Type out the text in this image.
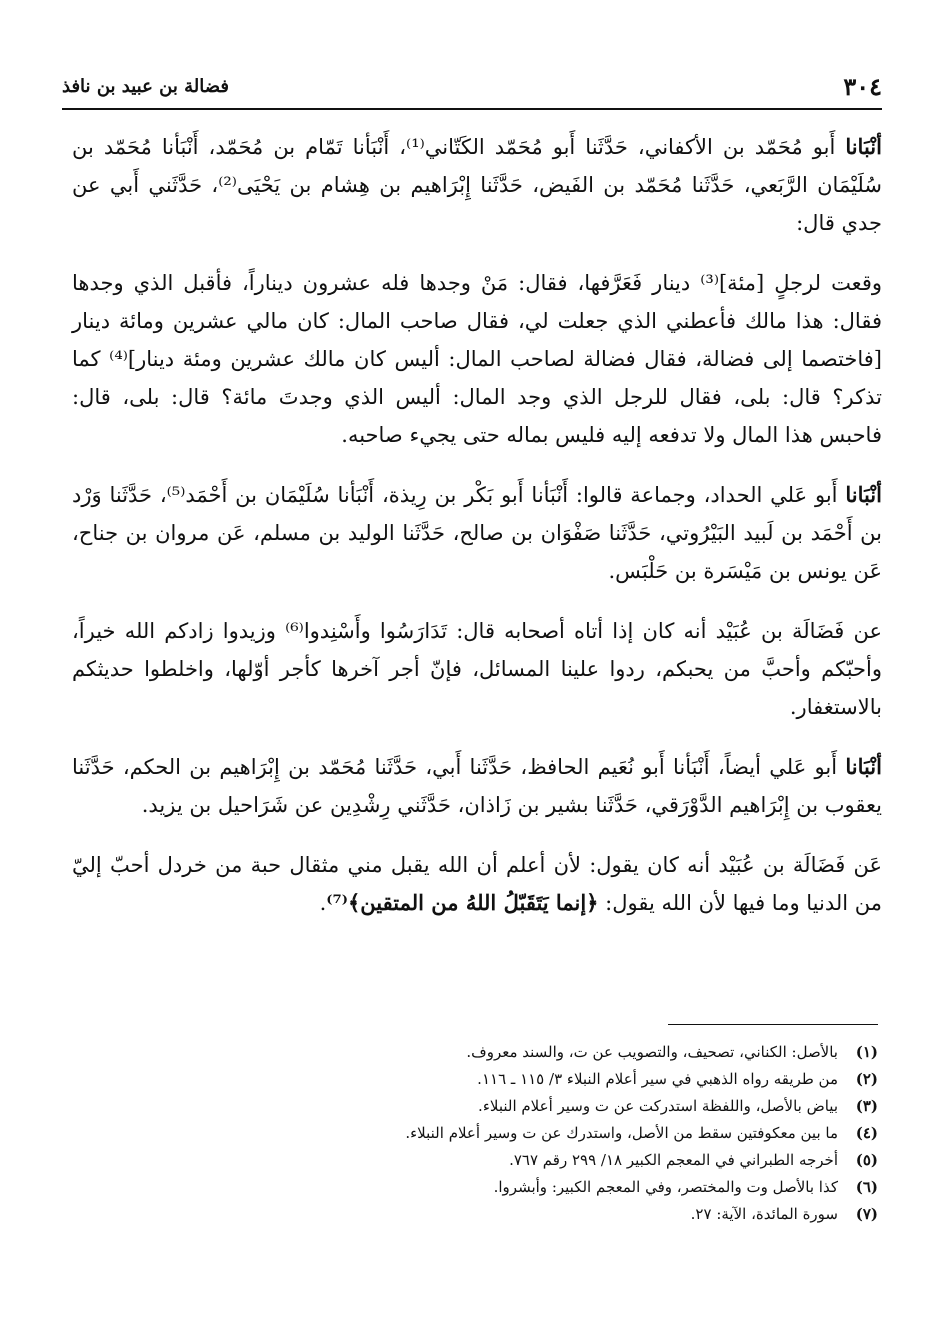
٣٠٤
فضالة بن عبيد بن نافذ

أنْبَانا أَبو مُحَمّد بن الأكفاني، حَدَّثَنا أَبو مُحَمّد الكَتّاني⁽¹⁾، أَنْبَأنا تَمّام بن مُحَمّد، أَنْبَأنا مُحَمّد بن سُلَيْمَان الرَّبَعي، حَدَّثَنا مُحَمّد بن الفَيض، حَدَّثَنا إِبْرَاهيم بن هِشام بن يَحْيَى⁽²⁾، حَدَّثَني أَبي عن جدي قال:

وقعت لرجلٍ [مئة]⁽³⁾ دينار فَعَرَّفها، فقال: مَنْ وجدها فله عشرون ديناراً، فأقبل الذي وجدها فقال: هذا مالك فأعطني الذي جعلت لي، فقال صاحب المال: كان مالي عشرين ومائة دينار [فاختصما إلى فضالة، فقال فضالة لصاحب المال: أليس كان مالك عشرين ومئة دينار]⁽⁴⁾ كما تذكر؟ قال: بلى، فقال للرجل الذي وجد المال: أليس الذي وجدتَ مائة؟ قال: بلى، قال: فاحبس هذا المال ولا تدفعه إليه فليس بماله حتى يجيء صاحبه.

أنْبَانا أَبو عَلي الحداد، وجماعة قالوا: أَنْبَأنا أَبو بَكْر بن رِيذة، أَنْبَأنا سُلَيْمَان بن أَحْمَد⁽⁵⁾، حَدَّثَنا وَرْد بن أَحْمَد بن لَبيد البَيْرُوتي، حَدَّثَنا صَفْوَان بن صالح، حَدَّثَنا الوليد بن مسلم، عَن مروان بن جناح، عَن يونس بن مَيْسَرة بن حَلْبَس.

عن فَضَالَة بن عُبَيْد أنه كان إذا أتاه أصحابه قال: تَدَارَسُوا وأَسْنِدوا⁽⁶⁾ وزيدوا زادكم الله خيراً، وأحبّكم وأحبَّ من يحبكم، ردوا علينا المسائل، فإنّ أجر آخرها كأجر أوّلها، واخلطوا حديثكم بالاستغفار.

أنْبَانا أَبو عَلي أيضاً، أَنْبَأنا أَبو نُعَيم الحافظ، حَدَّثَنا أَبي، حَدَّثَنا مُحَمّد بن إِبْرَاهيم بن الحكم، حَدَّثَنا يعقوب بن إِبْرَاهيم الدَّوْرَقي، حَدَّثَنا بشير بن زَاذان، حَدَّثَني رِشْدِين عن شَرَاحيل بن يزيد.

عَن فَضَالَة بن عُبَيْد أنه كان يقول: لأن أعلم أن الله يقبل مني مثقال حبة من خردل أحبّ إليّ من الدنيا وما فيها لأن الله يقول: ﴿إنما يَتَقَبّلُ اللهُ من المتقين﴾⁽⁷⁾.

(١)
بالأصل: الكناني، تصحيف، والتصويب عن ت، والسند معروف.
(٢)
من طريقه رواه الذهبي في سير أعلام النبلاء ٣/ ١١٥ ـ ١١٦.
(٣)
بياض بالأصل، واللفظة استدركت عن ت وسير أعلام النبلاء.
(٤)
ما بين معكوفتين سقط من الأصل، واستدرك عن ت وسير أعلام النبلاء.
(٥)
أخرجه الطبراني في المعجم الكبير ١٨/ ٢٩٩ رقم ٧٦٧.
(٦)
كذا بالأصل وت والمختصر، وفي المعجم الكبير: وأبشروا.
(٧)
سورة المائدة، الآية: ٢٧.
